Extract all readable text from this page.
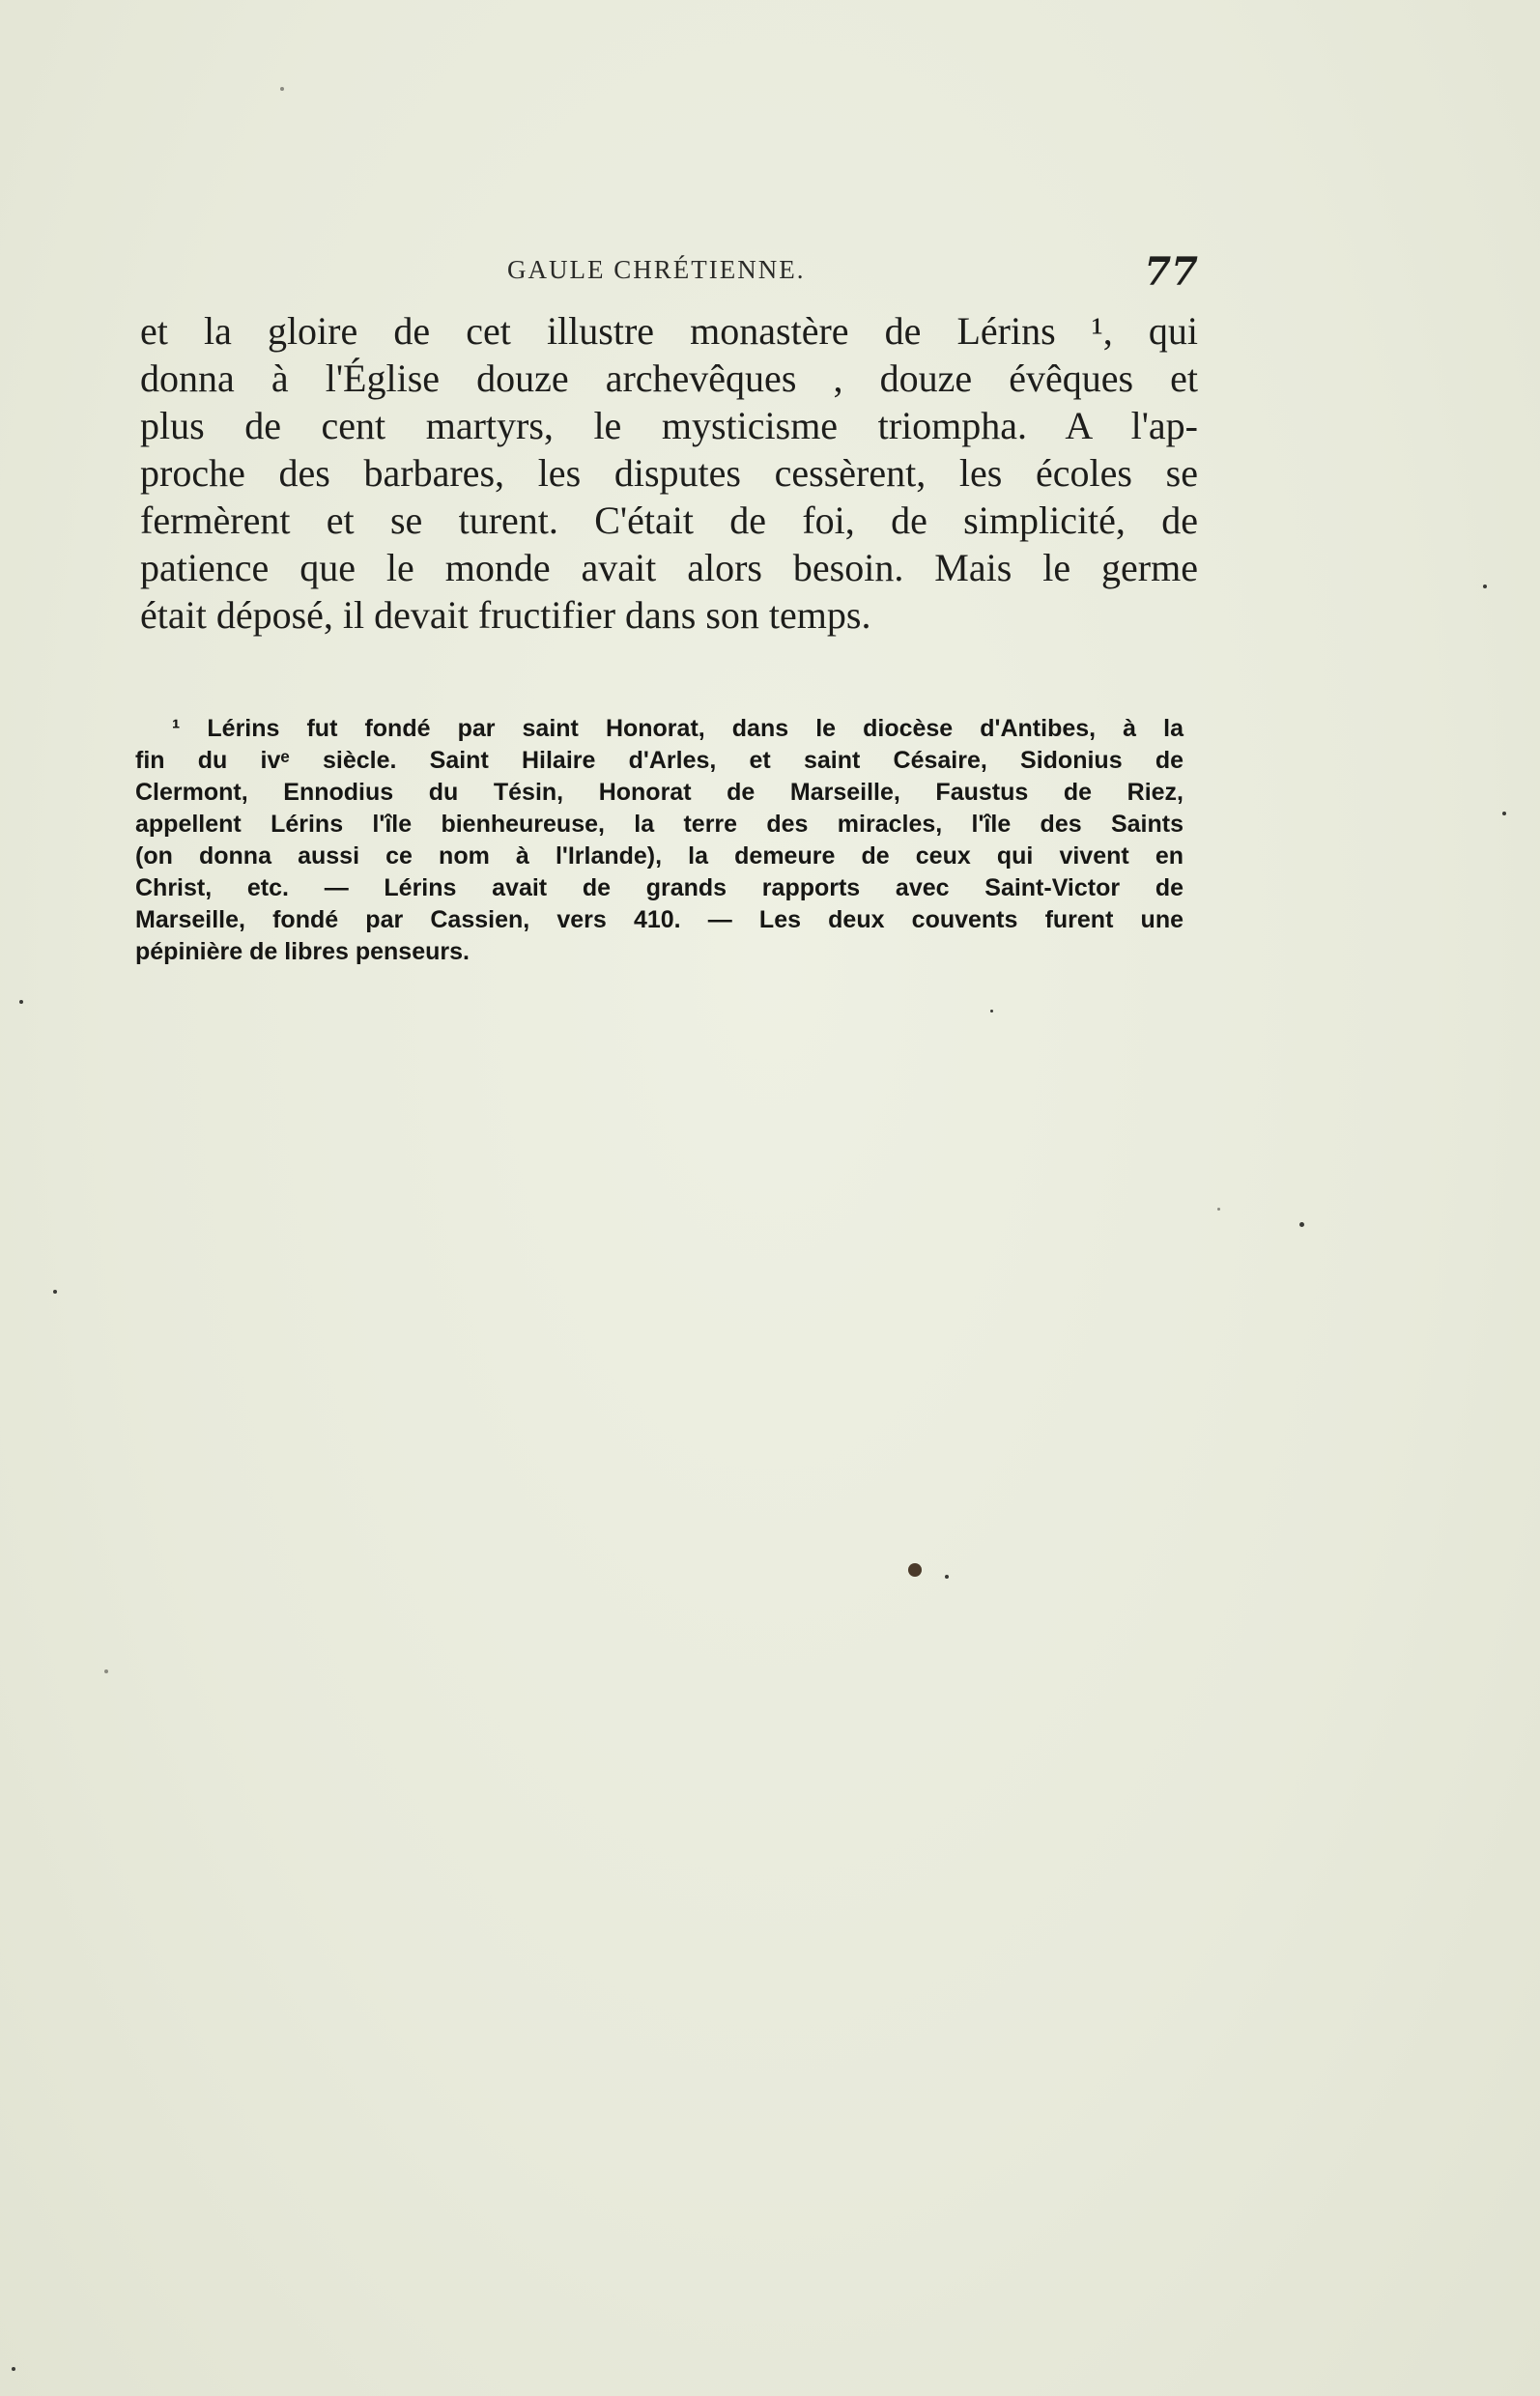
GAULE CHRÉTIENNE.	77
et la gloire de cet illustre monastère de Lérins ¹, qui
donna à l'Église douze archevêques , douze évêques et
plus de cent martyrs, le mysticisme triompha. A l'ap-
proche des barbares, les disputes cessèrent, les écoles se
fermèrent et se turent. C'était de foi, de simplicité, de
patience que le monde avait alors besoin. Mais le germe
était déposé, il devait fructifier dans son temps.
¹ Lérins fut fondé par saint Honorat, dans le diocèse d'Antibes, à la
fin du ivᵉ siècle. Saint Hilaire d'Arles, et saint Césaire, Sidonius de
Clermont, Ennodius du Tésin, Honorat de Marseille, Faustus de Riez,
appellent Lérins l'île bienheureuse, la terre des miracles, l'île des Saints
(on donna aussi ce nom à l'Irlande), la demeure de ceux qui vivent en
Christ, etc. — Lérins avait de grands rapports avec Saint-Victor de
Marseille, fondé par Cassien, vers 410. — Les deux couvents furent une
pépinière de libres penseurs.
